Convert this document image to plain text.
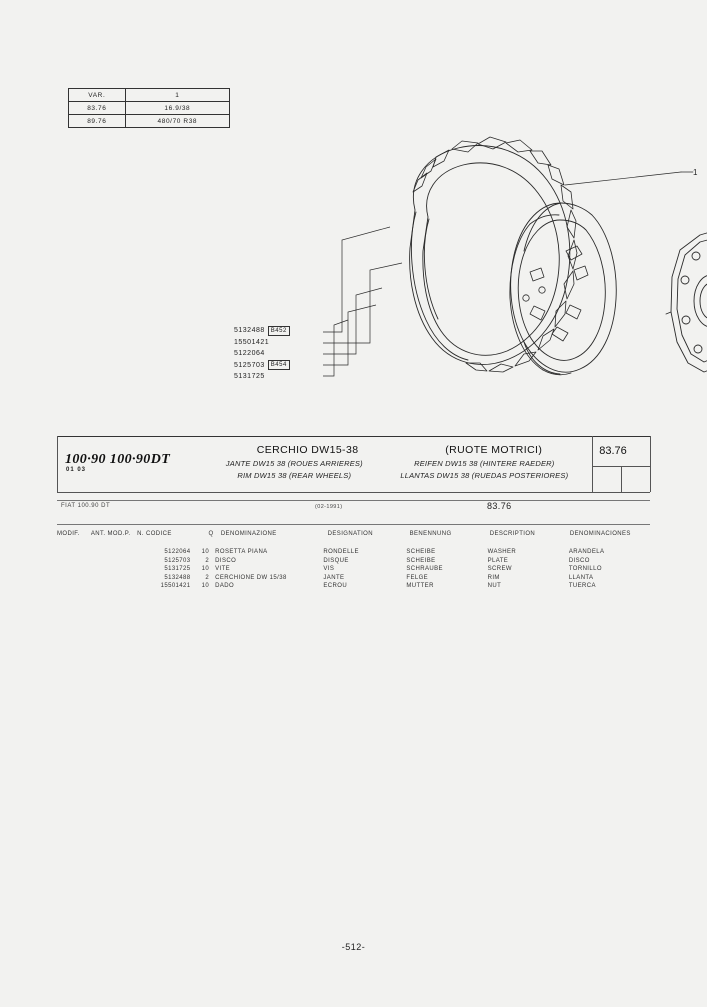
VAR.	1
83.76	16.9/38
89.76	480/70 R38
1
5132488	B452
15501421
5122064
5125703	B454
5131725
100·90 100·90DT
01 03
CERCHIO DW15-38	(RUOTE MOTRICI)
JANTE DW15 38 (ROUES ARRIERES)	REIFEN DW15 38 (HINTERE RAEDER)
RIM DW15 38 (REAR WHEELS)	LLANTAS DW15 38 (RUEDAS POSTERIORES)
83.76
FIAT 100.90 DT	(02-1991)	83.76
MODIF.	ANT. MOD.P.	N. CODICE	Q	DENOMINAZIONE	DESIGNATION	BENENNUNG	DESCRIPTION	DENOMINACIONES
5122064	10	ROSETTA PIANA	RONDELLE	SCHEIBE	WASHER	ARANDELA
5125703	2	DISCO	DISQUE	SCHEIBE	PLATE	DISCO
5131725	10	VITE	VIS	SCHRAUBE	SCREW	TORNILLO
5132488	2	CERCHIONE DW 15/38	JANTE	FELGE	RIM	LLANTA
15501421	10	DADO	ECROU	MUTTER	NUT	TUERCA
-512-
